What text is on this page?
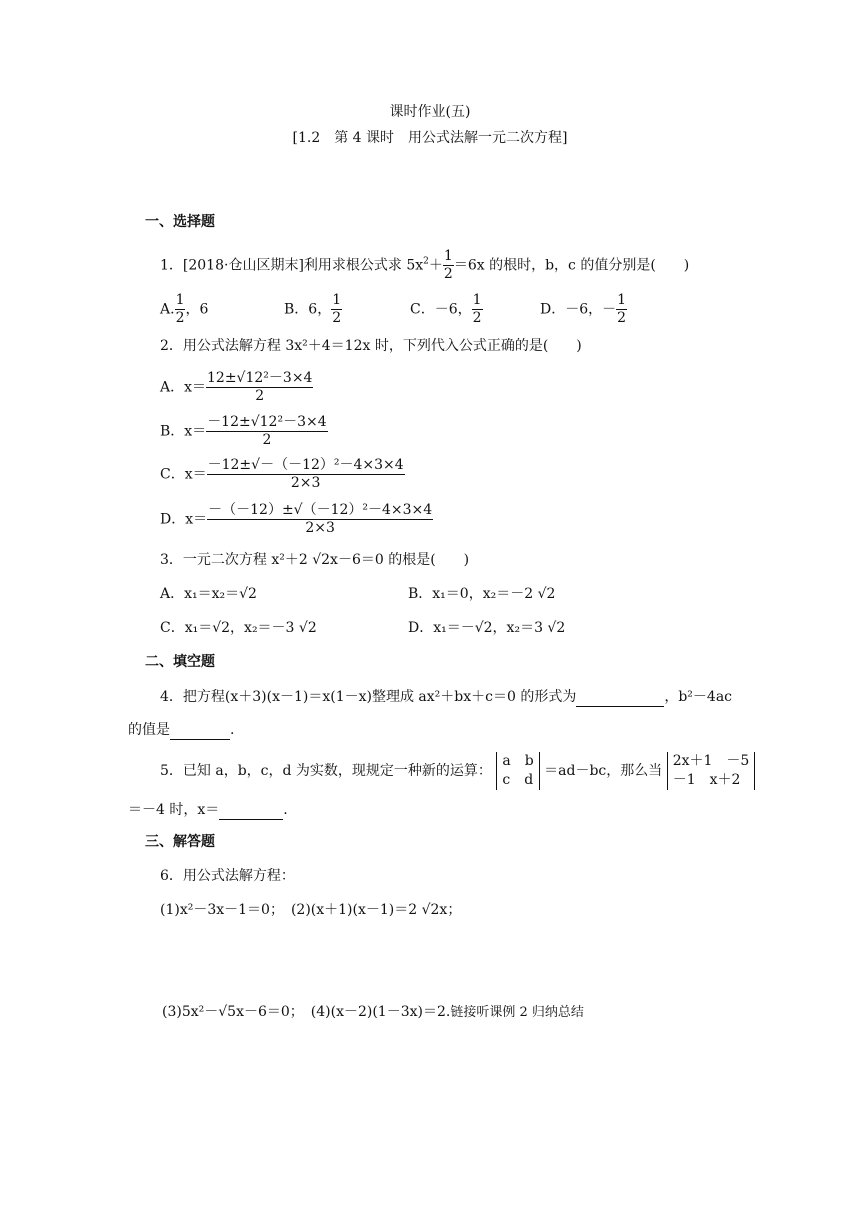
课时作业(五)
[1.2　第 4 课时　用公式法解一元二次方程]
一、选择题
1．[2018·仓山区期末]利用求根公式求 $5x^2+ \frac{1}{2} =6x$ 的根时，b，c 的值分别是(　　)
A. $\frac{1}{2}$ ，6	B．6， $\frac{1}{2}$	C．－6， $\frac{1}{2}$	D．－6，－ $\frac{1}{2}$
2．用公式法解方程 3x²＋4＝12x 时，下列代入公式正确的是(　　)
A．$x= \frac{\text{12±√12²－3×4}}{2}$
B．$x= \frac{\text{－12±√12²－3×4}}{2}$
C．$x= \frac{\text{－12±√－（－12）²－4×3×4}}{2\times 3}$
D．$x= \frac{\text{－（－12）±√（－12）²－4×3×4}}{2\times 3}$
3．一元二次方程 x²＋2 √2x－6＝0 的根是(　　)
A．x₁＝x₂＝√2	B．x₁＝0，x₂＝－2 √2
C．x₁＝√2，x₂＝－3 √2	D．x₁＝－√2，x₂＝3 √2
二、填空题
4．把方程(x＋3)(x－1)＝x(1－x)整理成 ax²＋bx＋c＝0 的形式为	，b²－4ac
的值是	.
5．已知 a，b，c，d 为实数，现规定一种新的运算：
a　b
c　d
＝ad－bc，那么当
2x＋1　－5
－1　x＋2
＝－4 时，x＝	.
三、解答题
6．用公式法解方程：
(1)x²－3x－1＝0；　(2)(x＋1)(x－1)＝2 √2x；
(3)5x²－√5x－6＝0；　(4)(x－2)(1－3x)＝2.链接听课例 2 归纳总结
